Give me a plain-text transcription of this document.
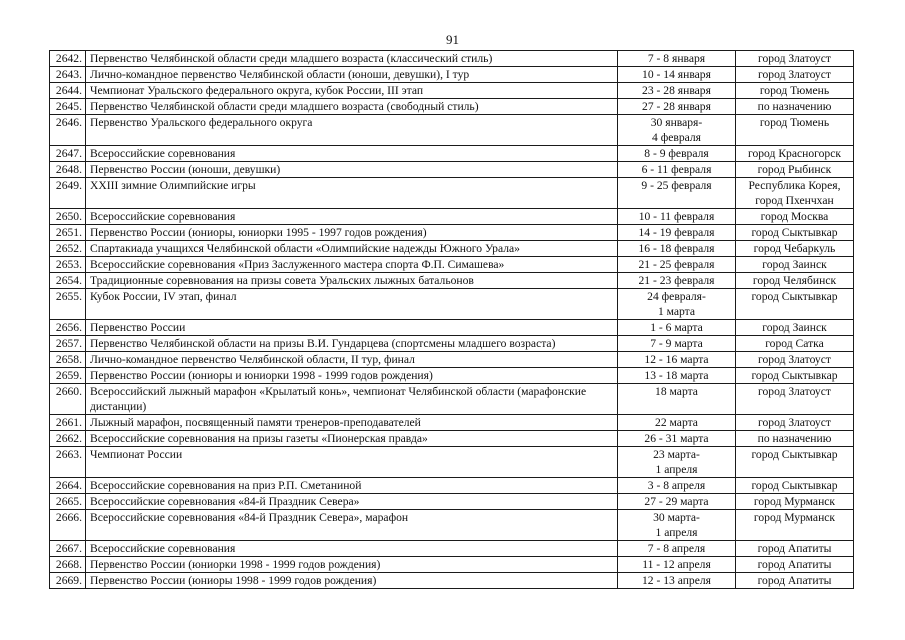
91
2642.	Первенство Челябинской области среди младшего возраста (классический стиль)	7 - 8 января	город Златоуст

2643.	Лично-командное первенство Челябинской области (юноши, девушки), I тур	10 - 14 января	город Златоуст

2644.	Чемпионат Уральского федерального округа, кубок России, III этап	23 - 28 января	город Тюмень

2645.	Первенство Челябинской области среди младшего возраста (свободный стиль)	27 - 28 января	по назначению

2646.	Первенство Уральского федерального округа	30 января-
4 февраля	город Тюмень

2647.	Всероссийские соревнования	8 - 9 февраля	город Красногорск

2648.	Первенство России (юноши, девушки)	6 - 11 февраля	город Рыбинск

2649.	XXIII зимние Олимпийские игры	9 - 25 февраля	Республика Корея,
город Пхенчхан

2650.	Всероссийские соревнования	10 - 11 февраля	город Москва

2651.	Первенство России (юниоры, юниорки 1995 - 1997 годов рождения)	14 - 19 февраля	город Сыктывкар

2652.	Спартакиада учащихся Челябинской области «Олимпийские надежды Южного Урала»	16 - 18 февраля	город Чебаркуль

2653.	Всероссийские соревнования «Приз Заслуженного мастера спорта Ф.П. Симашева»	21 - 25 февраля	город Заинск

2654.	Традиционные соревнования на призы совета Уральских лыжных батальонов	21 - 23 февраля	город Челябинск

2655.	Кубок России, IV этап, финал	24 февраля-
1 марта	город Сыктывкар

2656.	Первенство России	1 - 6 марта	город Заинск

2657.	Первенство Челябинской области на призы В.И. Гундарцева (спортсмены младшего возраста)	7 - 9 марта	город Сатка

2658.	Лично-командное первенство Челябинской области, II тур, финал	12 - 16 марта	город Златоуст

2659.	Первенство России (юниоры и юниорки 1998 - 1999 годов рождения)	13 - 18 марта	город Сыктывкар

2660.	Всероссийский лыжный марафон «Крылатый конь», чемпионат Челябинской области (марафонские дистанции)	18 марта	город Златоуст

2661.	Лыжный марафон, посвященный памяти тренеров-преподавателей	22 марта	город Златоуст

2662.	Всероссийские соревнования на призы газеты «Пионерская правда»	26 - 31 марта	по назначению

2663.	Чемпионат России	23 марта-
1 апреля	город Сыктывкар

2664.	Всероссийские соревнования на приз Р.П. Сметаниной	3 - 8 апреля	город Сыктывкар

2665.	Всероссийские соревнования «84-й Праздник Севера»	27 - 29 марта	город Мурманск

2666.	Всероссийские соревнования «84-й Праздник Севера», марафон	30 марта-
1 апреля	город Мурманск

2667.	Всероссийские соревнования	7 - 8 апреля	город Апатиты

2668.	Первенство России (юниорки 1998 - 1999 годов рождения)	11 - 12 апреля	город Апатиты

2669.	Первенство России (юниоры 1998 - 1999 годов рождения)	12 - 13 апреля	город Апатиты
